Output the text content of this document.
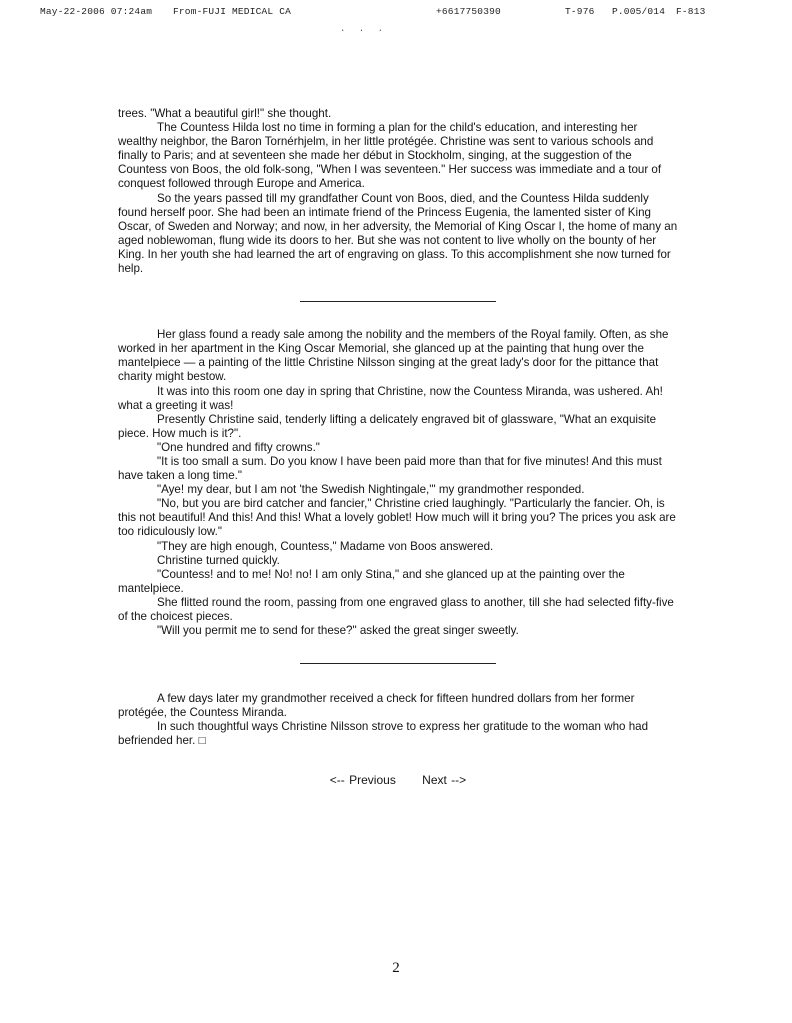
May-22-2006 07:24am From-FUJI MEDICAL CA	+6617750390	T-976 P.005/014 F-813
. . .

trees. "What a beautiful girl!" she thought.

The Countess Hilda lost no time in forming a plan for the child's education, and interesting her wealthy neighbor, the Baron Tornérhjelm, in her little protégée. Christine was sent to various schools and finally to Paris; and at seventeen she made her début in Stockholm, singing, at the suggestion of the Countess von Boos, the old folk-song, "When I was seventeen." Her success was immediate and a tour of conquest followed through Europe and America.

So the years passed till my grandfather Count von Boos, died, and the Countess Hilda suddenly found herself poor. She had been an intimate friend of the Princess Eugenia, the lamented sister of King Oscar, of Sweden and Norway; and now, in her adversity, the Memorial of King Oscar I, the home of many an aged noblewoman, flung wide its doors to her. But she was not content to live wholly on the bounty of her King. In her youth she had learned the art of engraving on glass. To this accomplishment she now turned for help.

Her glass found a ready sale among the nobility and the members of the Royal family. Often, as she worked in her apartment in the King Oscar Memorial, she glanced up at the painting that hung over the mantelpiece — a painting of the little Christine Nilsson singing at the great lady's door for the pittance that charity might bestow.

It was into this room one day in spring that Christine, now the Countess Miranda, was ushered. Ah! what a greeting it was!

Presently Christine said, tenderly lifting a delicately engraved bit of glassware, "What an exquisite piece. How much is it?".

"One hundred and fifty crowns."

"It is too small a sum. Do you know I have been paid more than that for five minutes! And this must have taken a long time."

"Aye! my dear, but I am not 'the Swedish Nightingale,'" my grandmother responded.

"No, but you are bird catcher and fancier," Christine cried laughingly. "Particularly the fancier. Oh, is this not beautiful! And this! And this! What a lovely goblet! How much will it bring you? The prices you ask are too ridiculously low."

"They are high enough, Countess," Madame von Boos answered.

Christine turned quickly.

"Countess! and to me! No! no! I am only Stina," and she glanced up at the painting over the mantelpiece.

She flitted round the room, passing from one engraved glass to another, till she had selected fifty-five of the choicest pieces.

"Will you permit me to send for these?" asked the great singer sweetly.

A few days later my grandmother received a check for fifteen hundred dollars from her former protégée, the Countess Miranda.

In such thoughtful ways Christine Nilsson strove to express her gratitude to the woman who had befriended her. □

<-- Previous Next -->
2
